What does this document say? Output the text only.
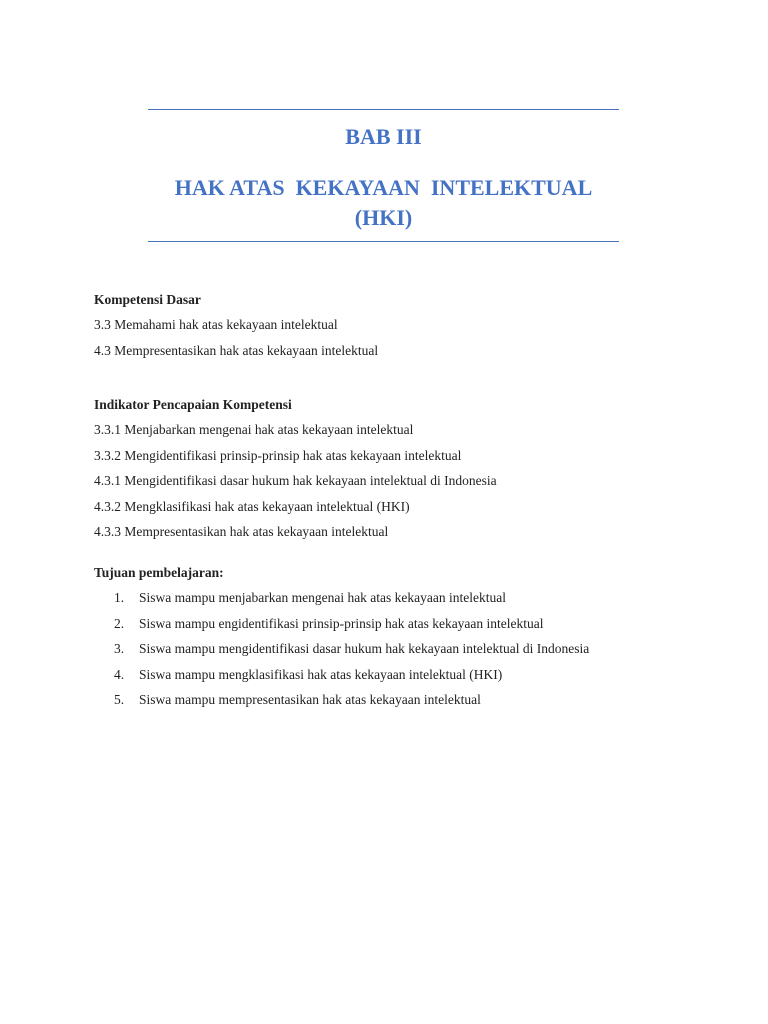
BAB III
HAK ATAS  KEKAYAAN  INTELEKTUAL
(HKI)
Kompetensi Dasar
3.3 Memahami hak atas kekayaan intelektual
4.3 Mempresentasikan hak atas kekayaan intelektual
Indikator Pencapaian Kompetensi
3.3.1 Menjabarkan mengenai hak atas kekayaan intelektual
3.3.2 Mengidentifikasi prinsip-prinsip hak atas kekayaan intelektual
4.3.1 Mengidentifikasi dasar hukum hak kekayaan intelektual di Indonesia
4.3.2 Mengklasifikasi hak atas kekayaan intelektual (HKI)
4.3.3 Mempresentasikan hak atas kekayaan intelektual
Tujuan pembelajaran:
1. Siswa mampu menjabarkan mengenai hak atas kekayaan intelektual
2. Siswa mampu engidentifikasi prinsip-prinsip hak atas kekayaan intelektual
3. Siswa mampu mengidentifikasi dasar hukum hak kekayaan intelektual di Indonesia
4. Siswa mampu mengklasifikasi hak atas kekayaan intelektual (HKI)
5. Siswa mampu mempresentasikan hak atas kekayaan intelektual
